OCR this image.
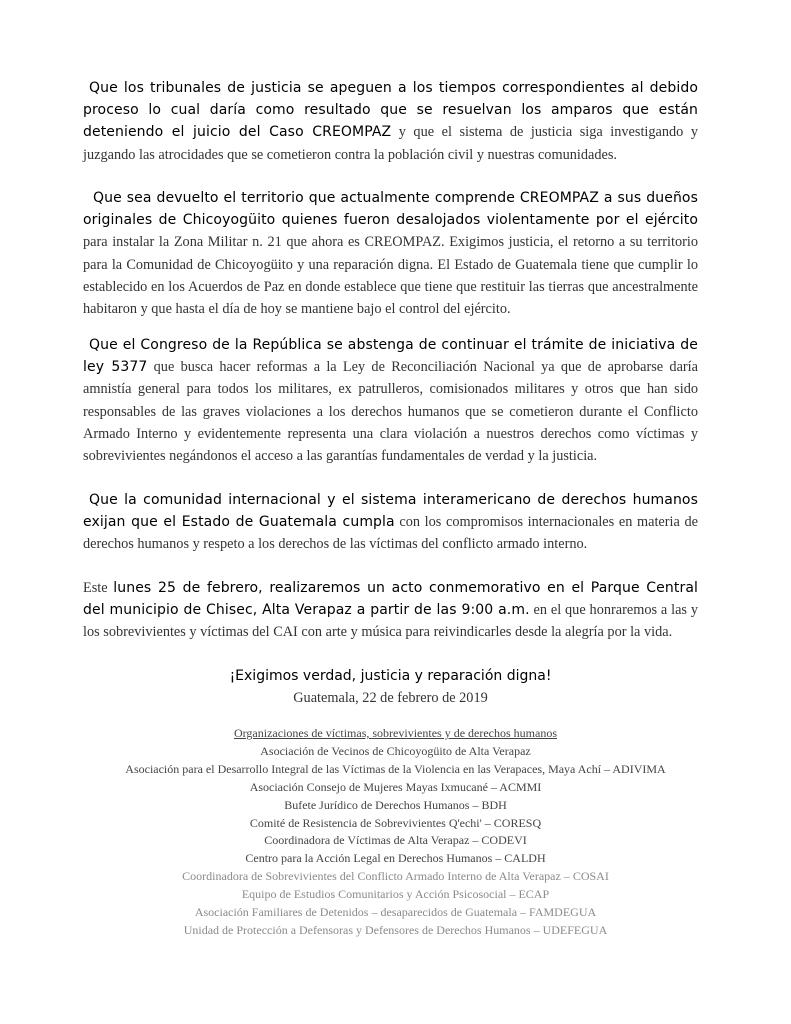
Que los tribunales de justicia se apeguen a los tiempos correspondientes al debido proceso lo cual daría como resultado que se resuelvan los amparos que están deteniendo el juicio del Caso CREOMPAZ y que el sistema de justicia siga investigando y juzgando las atrocidades que se cometieron contra la población civil y nuestras comunidades.

Que sea devuelto el territorio que actualmente comprende CREOMPAZ a sus dueños originales de Chicoyogüito quienes fueron desalojados violentamente por el ejército para instalar la Zona Militar n. 21 que ahora es CREOMPAZ. Exigimos justicia, el retorno a su territorio para la Comunidad de Chicoyogüito y una reparación digna. El Estado de Guatemala tiene que cumplir lo establecido en los Acuerdos de Paz en donde establece que tiene que restituir las tierras que ancestralmente habitaron y que hasta el día de hoy se mantiene bajo el control del ejército.

Que el Congreso de la República se abstenga de continuar el trámite de iniciativa de ley 5377 que busca hacer reformas a la Ley de Reconciliación Nacional ya que de aprobarse daría amnistía general para todos los militares, ex patrulleros, comisionados militares y otros que han sido responsables de las graves violaciones a los derechos humanos que se cometieron durante el Conflicto Armado Interno y evidentemente representa una clara violación a nuestros derechos como víctimas y sobrevivientes negándonos el acceso a las garantías fundamentales de verdad y la justicia.

Que la comunidad internacional y el sistema interamericano de derechos humanos exijan que el Estado de Guatemala cumpla con los compromisos internacionales en materia de derechos humanos y respeto a los derechos de las víctimas del conflicto armado interno.

Este lunes 25 de febrero, realizaremos un acto conmemorativo en el Parque Central del municipio de Chisec, Alta Verapaz a partir de las 9:00 a.m. en el que honraremos a las y los sobrevivientes y víctimas del CAI con arte y música para reivindicarles desde la alegría por la vida.

¡Exigimos verdad, justicia y reparación digna!

Guatemala, 22 de febrero de 2019

Organizaciones de víctimas, sobrevivientes y de derechos humanos
Asociación de Vecinos de Chicoyogüito de Alta Verapaz
Asociación para el Desarrollo Integral de las Víctimas de la Violencia en las Verapaces, Maya Achí – ADIVIMA
Asociación Consejo de Mujeres Mayas Ixmucané – ACMMI
Bufete Jurídico de Derechos Humanos – BDH
Comité de Resistencia de Sobrevivientes Q'echi' – CORESQ
Coordinadora de Víctimas de Alta Verapaz – CODEVI
Centro para la Acción Legal en Derechos Humanos – CALDH
Coordinadora de Sobrevivientes del Conflicto Armado Interno de Alta Verapaz – COSAI
Equipo de Estudios Comunitarios y Acción Psicosocial – ECAP
Asociación Familiares de Detenidos – desaparecidos de Guatemala – FAMDEGUA
Unidad de Protección a Defensoras y Defensores de Derechos Humanos – UDEFEGUA
